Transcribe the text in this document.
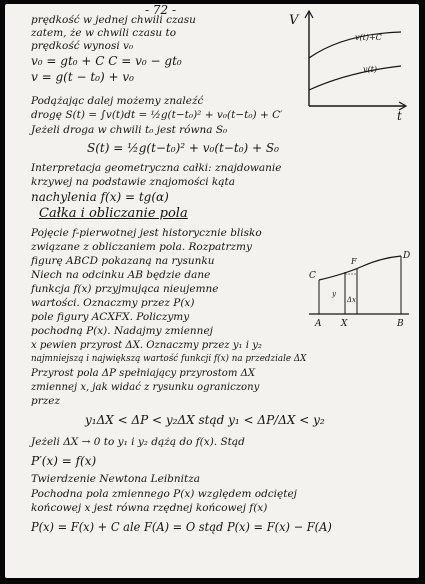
- 72 -
prędkość w jednej chwili czasu
zatem, że w chwili czasu to
prędkość wynosi v₀
v₀ = gt₀ + C C = v₀ − gt₀
v = g(t − t₀) + v₀
Podążając dalej możemy znaleźć
drogę S(t) = ∫v(t)dt = ½g(t−t₀)² + v₀(t−t₀) + C′
Jeżeli droga w chwili t₀ jest równa S₀
S(t) = ½g(t−t₀)² + v₀(t−t₀) + S₀
Interpretacja geometryczna całki: znajdowanie
krzywej na podstawie znajomości kąta
nachylenia f(x) = tg(α)
Całka i obliczanie pola
Pojęcie f-pierwotnej jest historycznie blisko
związane z obliczaniem pola. Rozpatrzmy
figurę ABCD pokazaną na rysunku
Niech na odcinku AB będzie dane
funkcja f(x) przyjmująca nieujemne
wartości. Oznaczmy przez P(x)
pole figury ACXFX. Policzymy
pochodną P(x). Nadajmy zmiennej
x pewien przyrost ΔX. Oznaczmy przez y₁ i y₂
najmniejszą i największą wartość funkcji f(x) na przedziale ΔX
Przyrost pola ΔP spełniający przyrostom ΔX
zmiennej x, jak widać z rysunku ograniczony
przez
y₁ΔX < ΔP < y₂ΔX stąd y₁ < ΔP/ΔX < y₂
Jeżeli ΔX → 0 to y₁ i y₂ dążą do f(x). Stąd
P′(x) = f(x)
Twierdzenie Newtona Leibnitza
Pochodna pola zmiennego P(x) względem odciętej
końcowej x jest równa rzędnej końcowej f(x)
P(x) = F(x) + C ale F(A) = O stąd P(x) = F(x) − F(A)
V
t
v(t)+C
v(t)
C
D
A X	B
F
Δx
y
